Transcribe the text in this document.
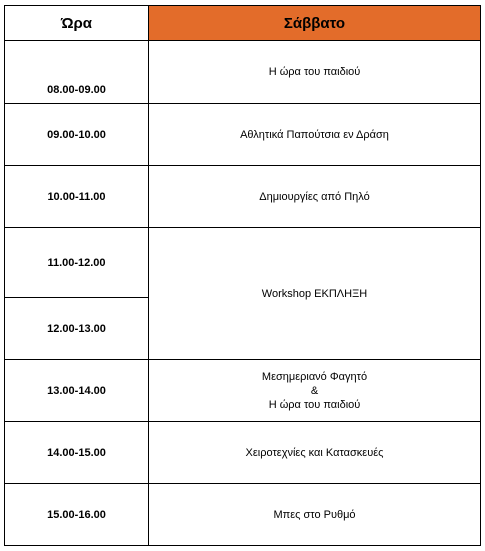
Ώρα	Σάββατο
08.00-09.00	Η ώρα του παιδιού

09.00-10.00	Αθλητικά Παπούτσια εν Δράση

10.00-11.00	Δημιουργίες από Πηλό

11.00-12.00	Workshop ΕΚΠΛΗΞΗ

12.00-13.00	
13.00-14.00	Μεσημεριανό Φαγητό
&
Η ώρα του παιδιού

14.00-15.00	Χειροτεχνίες και Κατασκευές

15.00-16.00	Μπες στο Ρυθμό
